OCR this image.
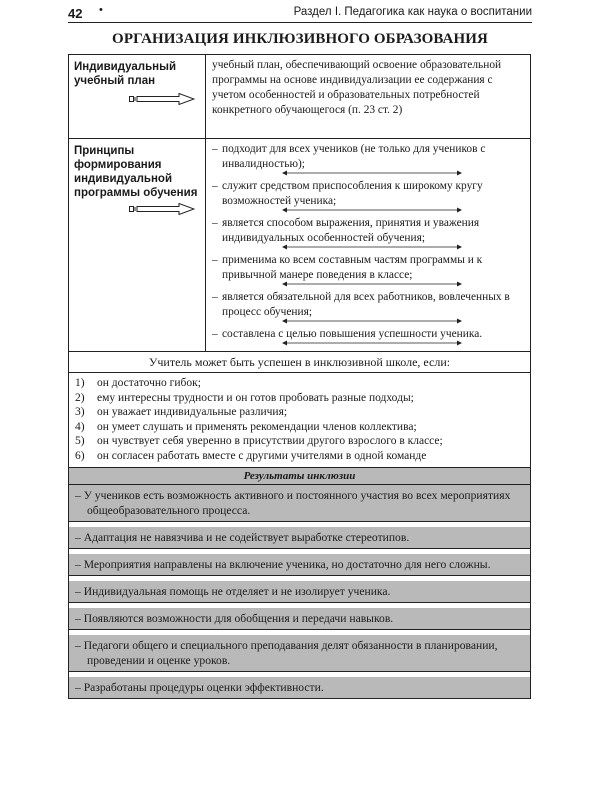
42 •	Раздел I. Педагогика как наука о воспитании
ОРГАНИЗАЦИЯ ИНКЛЮЗИВНОГО ОБРАЗОВАНИЯ
Индивидуальный учебный план
учебный план, обеспечивающий освоение образовательной программы на основе индивидуализации ее содержания с учетом особенностей и образовательных потребностей конкретного обучающегося (п. 23 ст. 2)
Принципы формирования индивидуальной программы обучения
– подходит для всех учеников (не только для учеников с инвалидностью);
– служит средством приспособления к широкому кругу возможностей ученика;
– является способом выражения, принятия и уважения индивидуальных особенностей обучения;
– применима ко всем составным частям программы и к привычной манере поведения в классе;
– является обязательной для всех работников, вовлеченных в процесс обучения;
– составлена с целью повышения успешности ученика.
Учитель может быть успешен в инклюзивной школе, если:
1)	он достаточно гибок;
2)	ему интересны трудности и он готов пробовать разные подходы;
3)	он уважает индивидуальные различия;
4)	он умеет слушать и применять рекомендации членов коллектива;
5)	он чувствует себя уверенно в присутствии другого взрослого в классе;
6)	он согласен работать вместе с другими учителями в одной команде
Результаты инклюзии
– У учеников есть возможность активного и постоянного участия во всех мероприятиях общеобразовательного процесса.
– Адаптация не навязчива и не содействует выработке стереотипов.
– Мероприятия направлены на включение ученика, но достаточно для него сложны.
– Индивидуальная помощь не отделяет и не изолирует ученика.
– Появляются возможности для обобщения и передачи навыков.
– Педагоги общего и специального преподавания делят обязанности в планировании, проведении и оценке уроков.
– Разработаны процедуры оценки эффективности.
